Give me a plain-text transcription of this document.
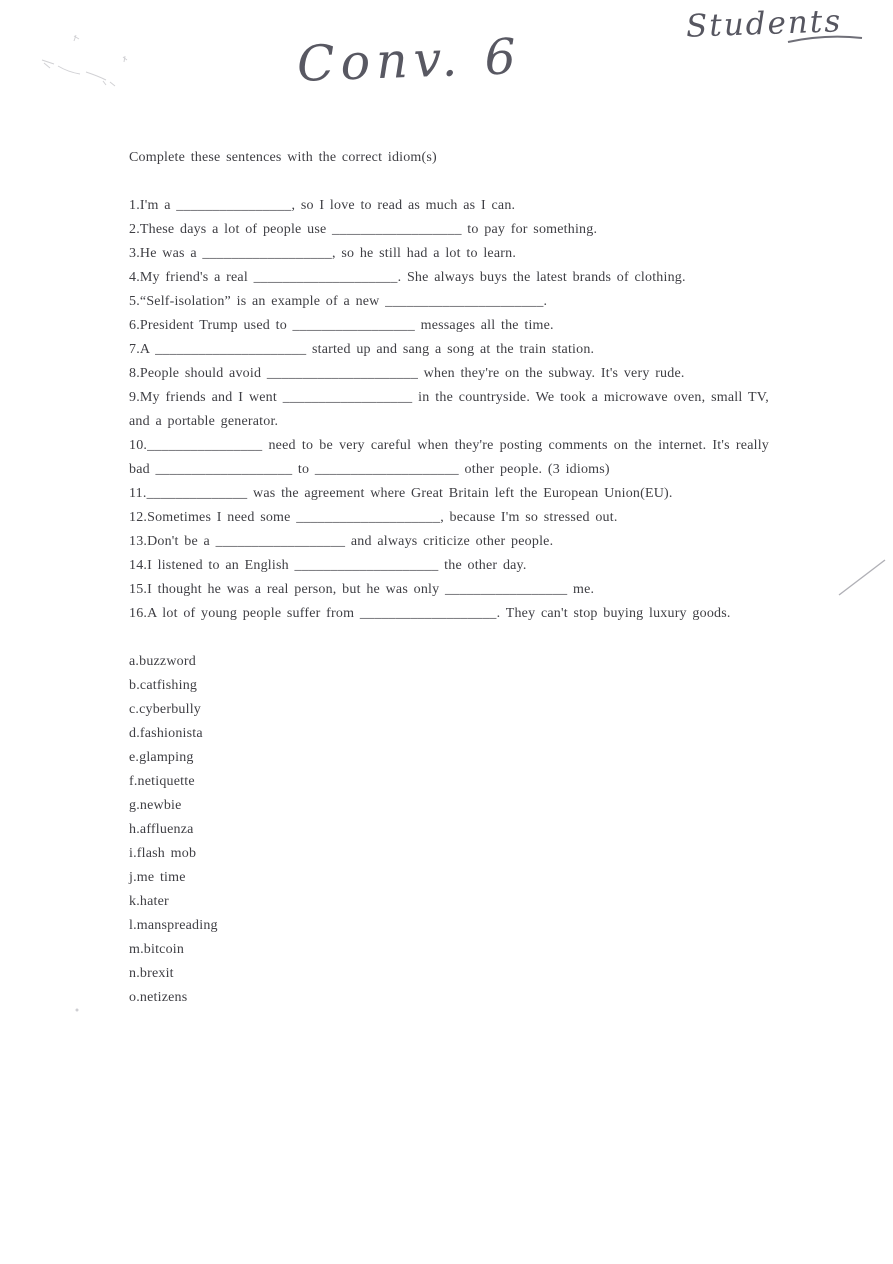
Conv. 6
Students

Complete these sentences with the correct idiom(s)

1.I'm a ________________, so I love to read as much as I can.

2.These days a lot of people use __________________ to pay for something.

3.He was a __________________, so he still had a lot to learn.

4.My friend's a real ____________________. She always buys the latest brands of clothing.

5.“Self-isolation” is an example of a new ______________________.

6.President Trump used to _________________ messages all the time.

7.A _____________________ started up and sang a song at the train station.

8.People should avoid _____________________ when they're on the subway. It's very rude.

9.My friends and I went __________________ in the countryside. We took a microwave oven, small TV, and a portable generator.

10.________________ need to be very careful when they're posting comments on the internet. It's really bad ___________________ to ____________________ other people. (3 idioms)

11.______________ was the agreement where Great Britain left the European Union(EU).

12.Sometimes I need some ____________________, because I'm so stressed out.

13.Don't be a __________________ and always criticize other people.

14.I listened to an English ____________________ the other day.

15.I thought he was a real person, but he was only _________________ me.

16.A lot of young people suffer from ___________________. They can't stop buying luxury goods.

a.buzzword
b.catfishing
c.cyberbully
d.fashionista
e.glamping
f.netiquette
g.newbie
h.affluenza
i.flash mob
j.me time
k.hater
l.manspreading
m.bitcoin
n.brexit
o.netizens
